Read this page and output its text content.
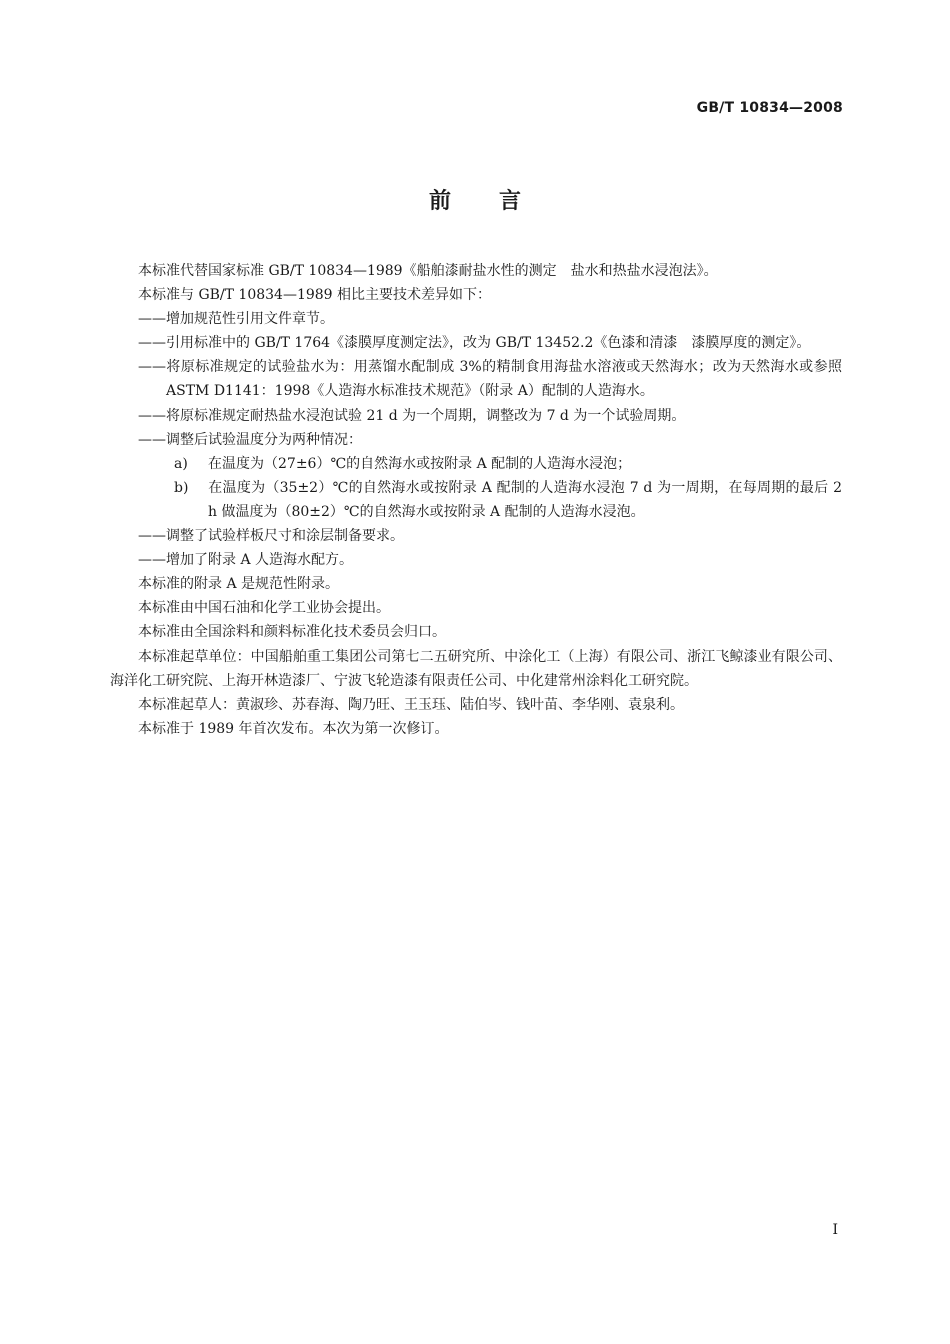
GB/T 10834—2008
前 言
本标准代替国家标准 GB/T 10834—1989《船舶漆耐盐水性的测定　盐水和热盐水浸泡法》。
本标准与 GB/T 10834—1989 相比主要技术差异如下：
——增加规范性引用文件章节。
——引用标准中的 GB/T 1764《漆膜厚度测定法》，改为 GB/T 13452.2《色漆和清漆　漆膜厚度的测定》。
——将原标准规定的试验盐水为：用蒸馏水配制成 3%的精制食用海盐水溶液或天然海水；改为天然海水或参照 ASTM D1141：1998《人造海水标准技术规范》（附录 A）配制的人造海水。
——将原标准规定耐热盐水浸泡试验 21 d 为一个周期，调整改为 7 d 为一个试验周期。
——调整后试验温度分为两种情况：
a) 在温度为（27±6）℃的自然海水或按附录 A 配制的人造海水浸泡；
b) 在温度为（35±2）℃的自然海水或按附录 A 配制的人造海水浸泡 7 d 为一周期，在每周期的最后 2 h 做温度为（80±2）℃的自然海水或按附录 A 配制的人造海水浸泡。
——调整了试验样板尺寸和涂层制备要求。
——增加了附录 A 人造海水配方。
本标准的附录 A 是规范性附录。
本标准由中国石油和化学工业协会提出。
本标准由全国涂料和颜料标准化技术委员会归口。
本标准起草单位：中国船舶重工集团公司第七二五研究所、中涂化工（上海）有限公司、浙江飞鲸漆业有限公司、海洋化工研究院、上海开林造漆厂、宁波飞轮造漆有限责任公司、中化建常州涂料化工研究院。
本标准起草人：黄淑珍、苏春海、陶乃旺、王玉珏、陆伯岑、钱叶苗、李华刚、袁泉利。
本标准于 1989 年首次发布。本次为第一次修订。
I
